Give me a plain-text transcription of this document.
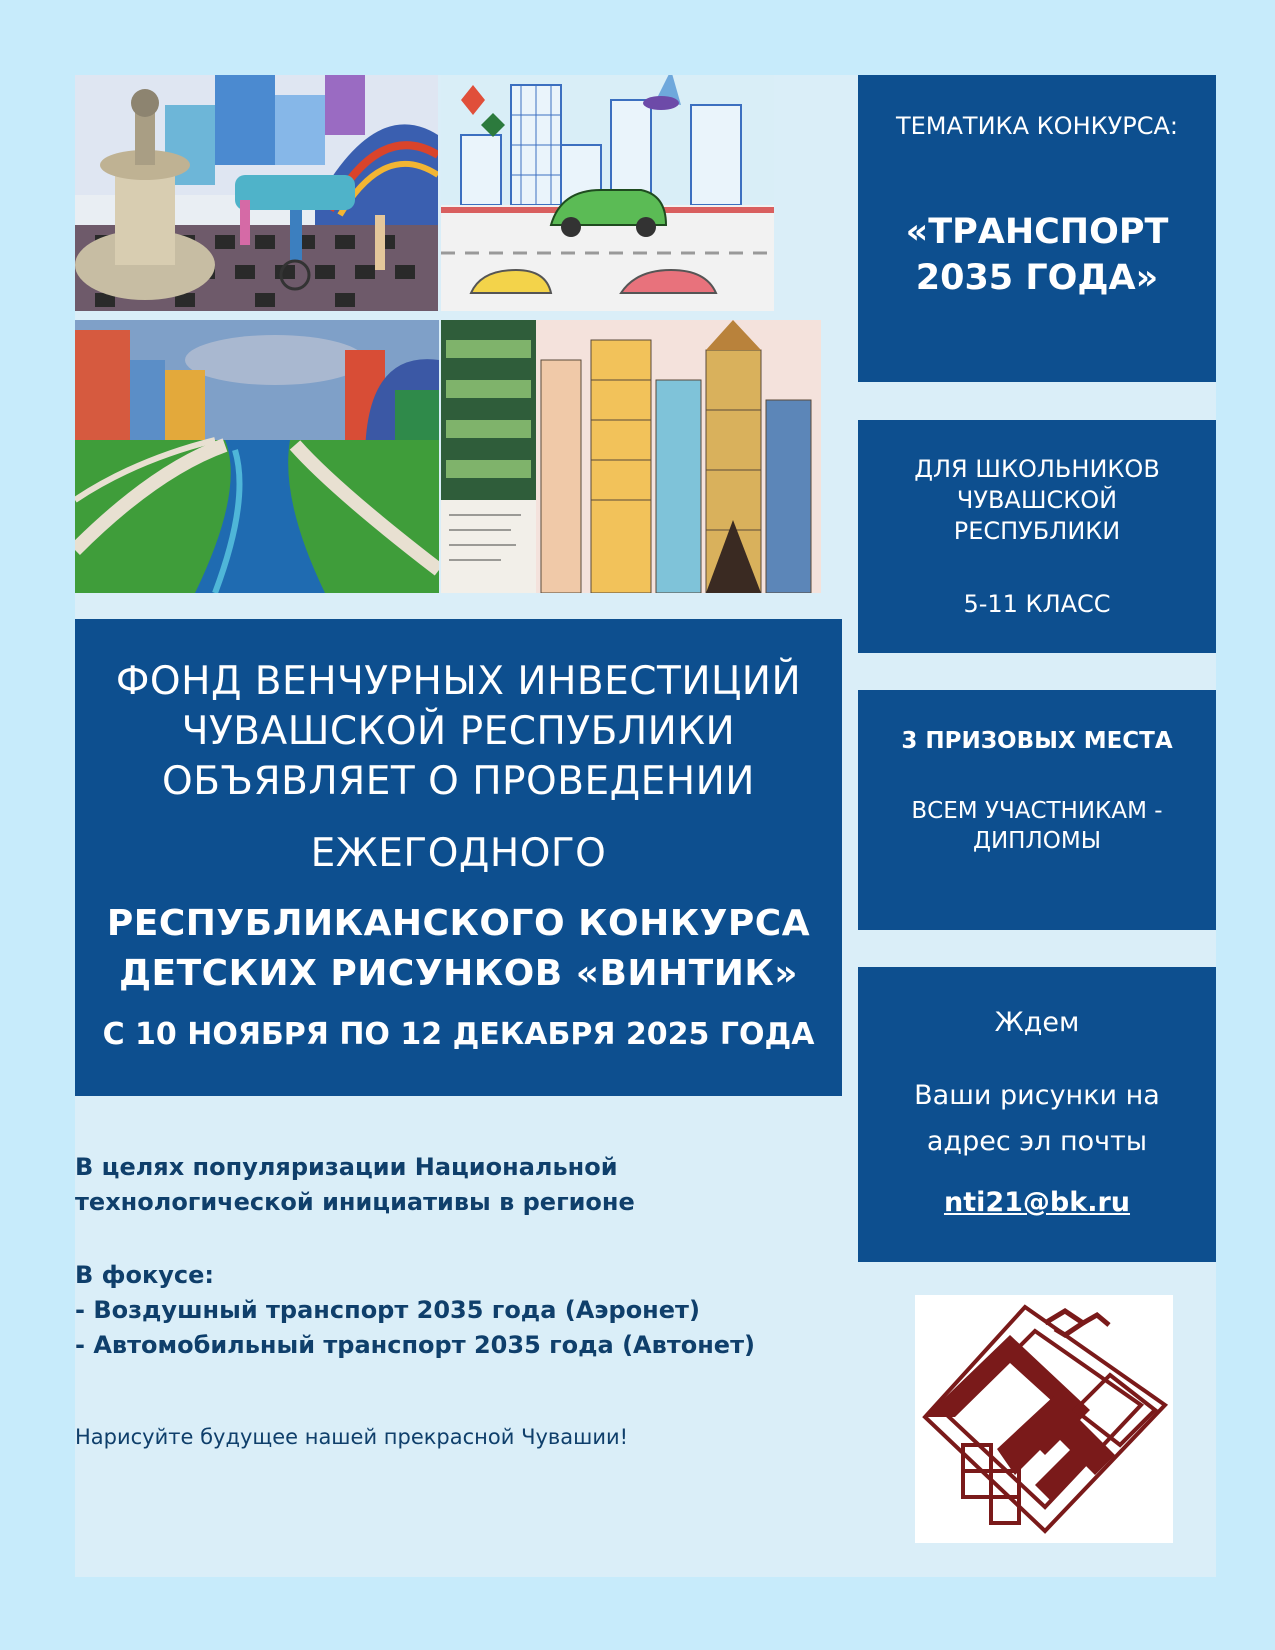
ТЕМАТИКА КОНКУРСА:
«ТРАНСПОРТ
2035 ГОДА»
ДЛЯ ШКОЛЬНИКОВ
ЧУВАШСКОЙ
РЕСПУБЛИКИ
5-11 КЛАСС
3 ПРИЗОВЫХ МЕСТА
ВСЕМ УЧАСТНИКАМ -
ДИПЛОМЫ
Ждем
Ваши рисунки на
адрес эл почты
nti21@bk.ru
ФОНД ВЕНЧУРНЫХ ИНВЕСТИЦИЙ
ЧУВАШСКОЙ РЕСПУБЛИКИ
ОБЪЯВЛЯЕТ О ПРОВЕДЕНИИ
ЕЖЕГОДНОГО
РЕСПУБЛИКАНСКОГО КОНКУРСА
ДЕТСКИХ РИСУНКОВ «ВИНТИК»
С 10 НОЯБРЯ ПО 12 ДЕКАБРЯ 2025 ГОДА
В целях популяризации Национальной
технологической инициативы в регионе
В фокусе:
- Воздушный транспорт 2035 года (Аэронет)
- Автомобильный транспорт 2035 года (Автонет)
Нарисуйте будущее нашей прекрасной Чувашии!
